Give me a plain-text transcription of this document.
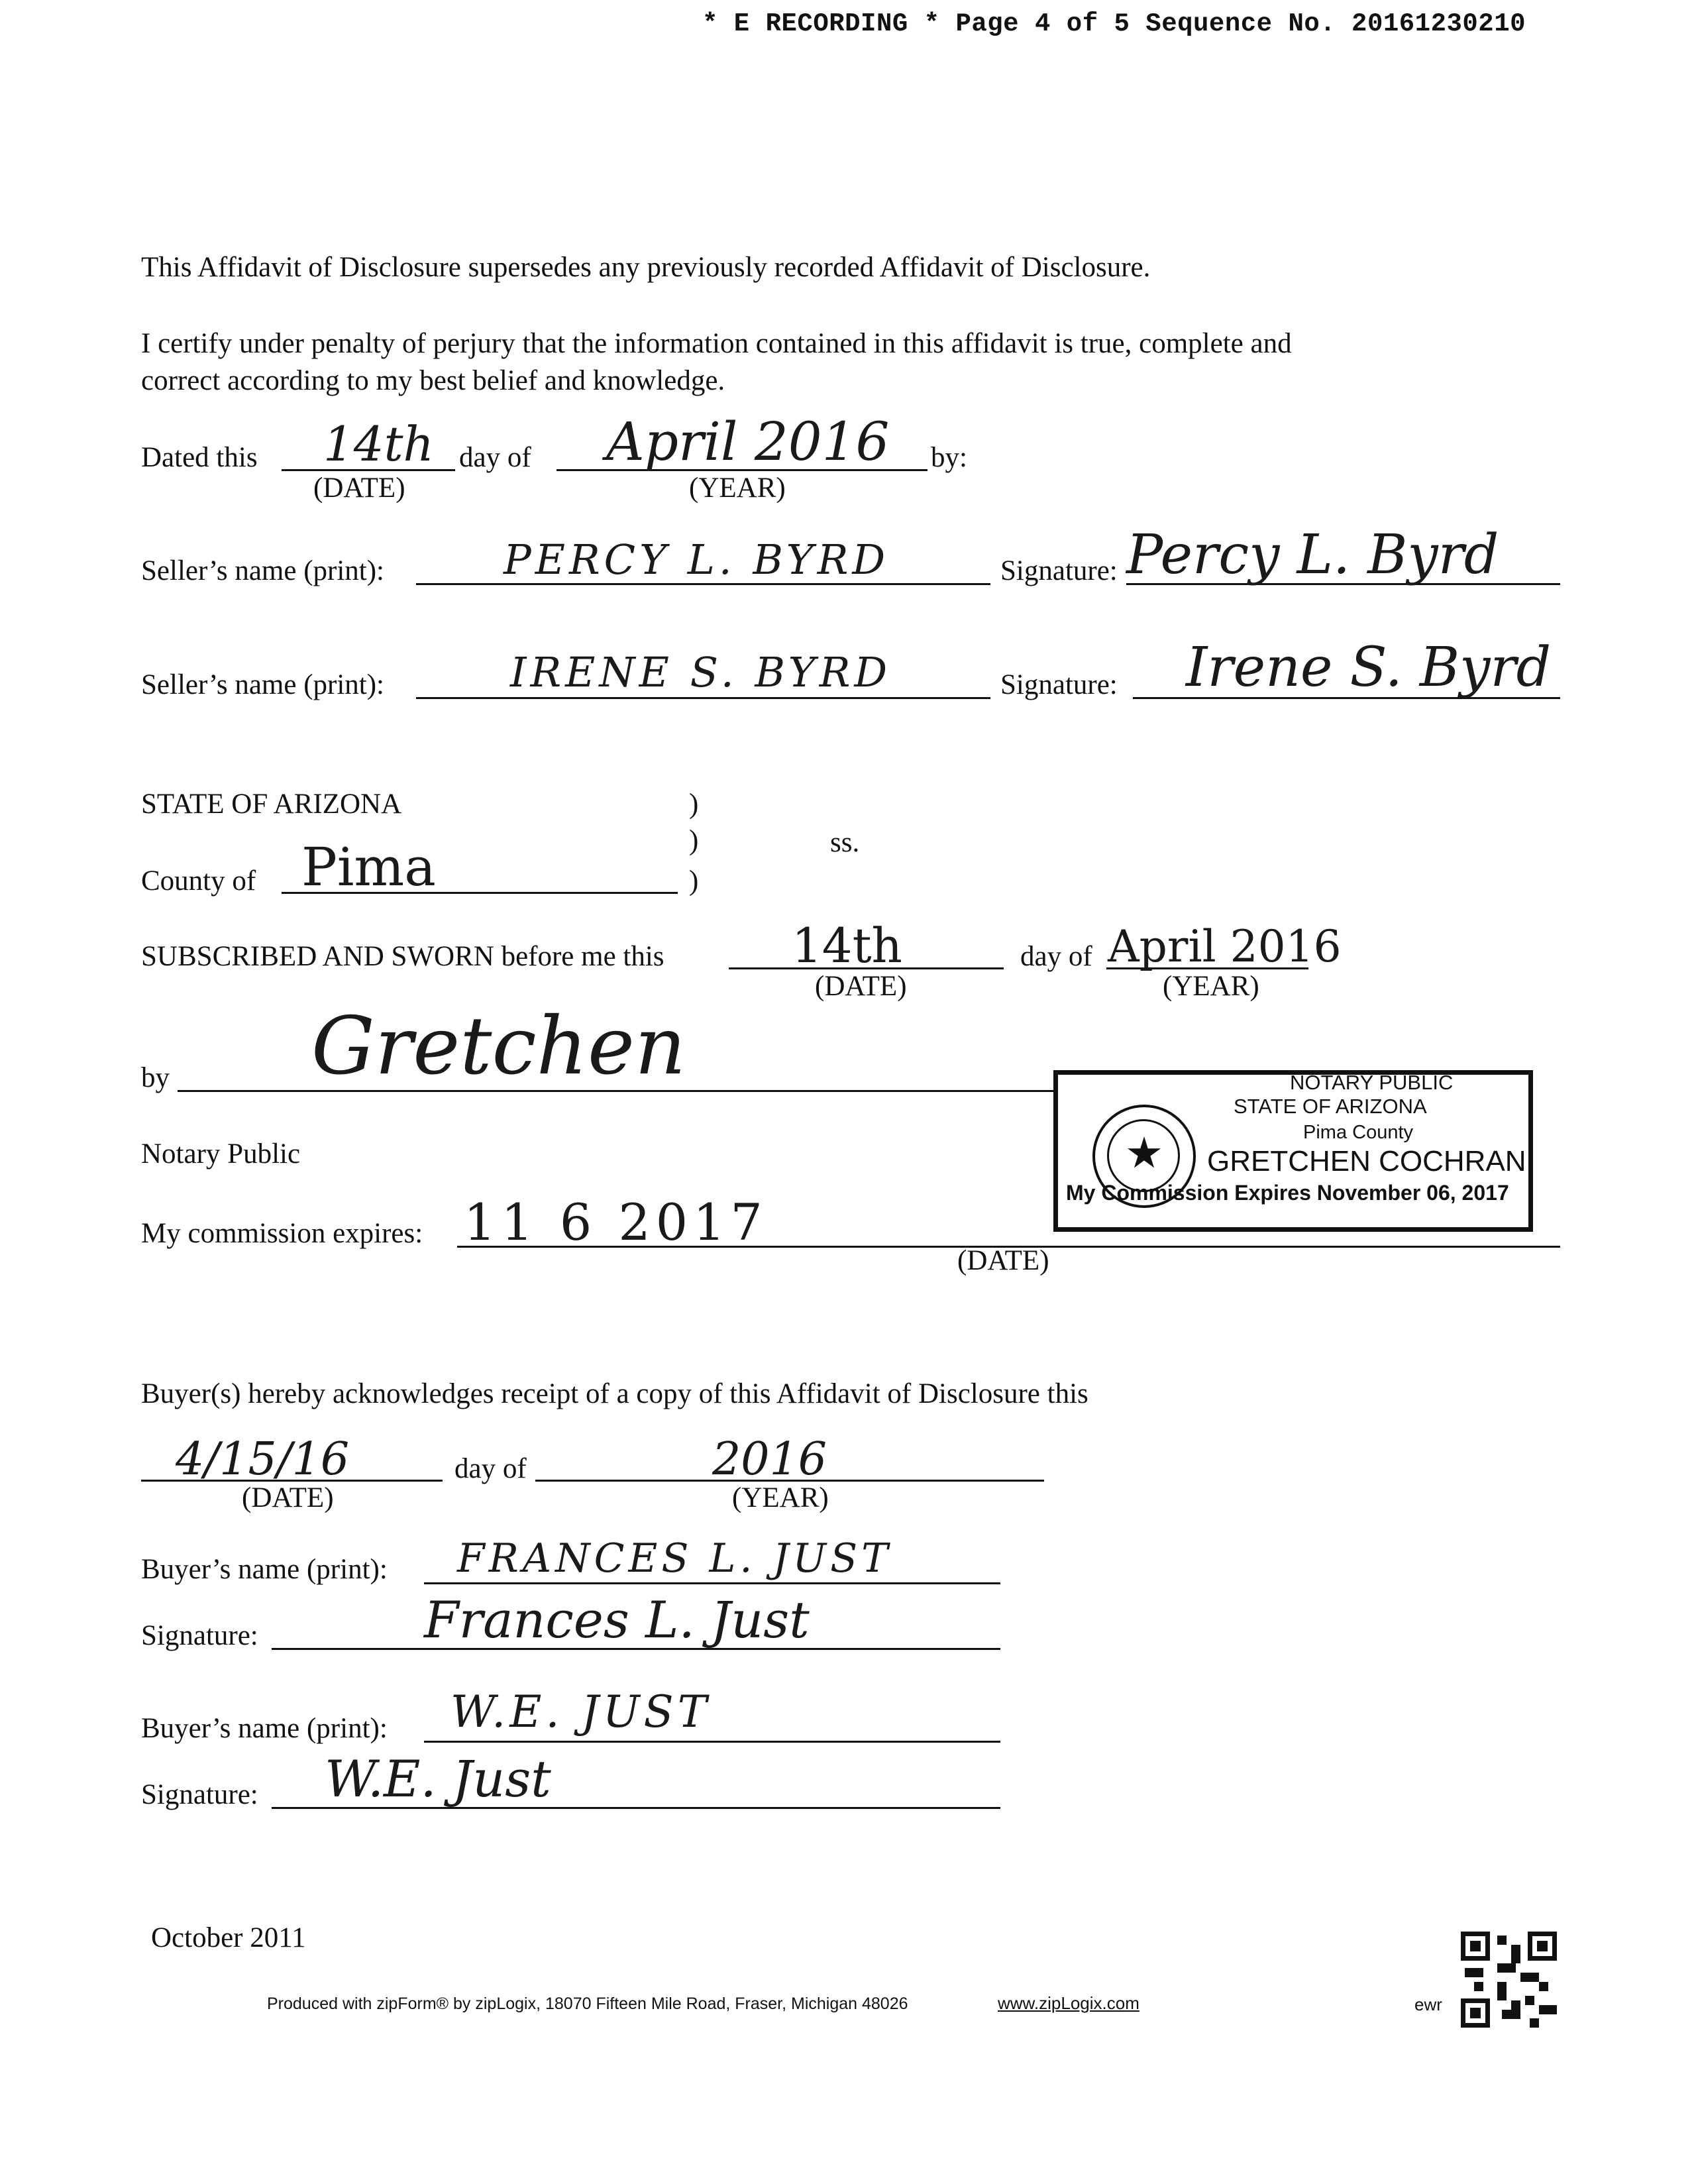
* E RECORDING * Page 4 of 5 Sequence No. 20161230210
This Affidavit of Disclosure supersedes any previously recorded Affidavit of Disclosure.
I certify under penalty of perjury that the information contained in this affidavit is true, complete and
correct according to my best belief and knowledge.
Dated this 14th
(DATE)
day of April 2016
(YEAR)
by:
Seller’s name (print):	PERCY L. BYRD	Signature: Percy L. Byrd
Seller’s name (print):	IRENE S. BYRD	Signature: Irene S. Byrd
STATE OF ARIZONA	)
)	ss.
County of Pima	)
SUBSCRIBED AND SWORN before me this	14th
(DATE)
day of April 2016
(YEAR)
by Gretchen
Notary Public
My commission expires: 11 6 2017
(DATE)
NOTARY PUBLIC
STATE OF ARIZONA
Pima County
GRETCHEN COCHRAN
My Commission Expires November 06, 2017
Buyer(s) hereby acknowledges receipt of a copy of this Affidavit of Disclosure this
4/15/16
(DATE)
day of	2016
(YEAR)
Buyer’s name (print): FRANCES L. JUST
Signature:	Frances L. Just
Buyer’s name (print): W.E. JUST
Signature: W.E. Just
October 2011
Produced with zipForm® by zipLogix, 18070 Fifteen Mile Road, Fraser, Michigan 48026	www.zipLogix.com	ewr
